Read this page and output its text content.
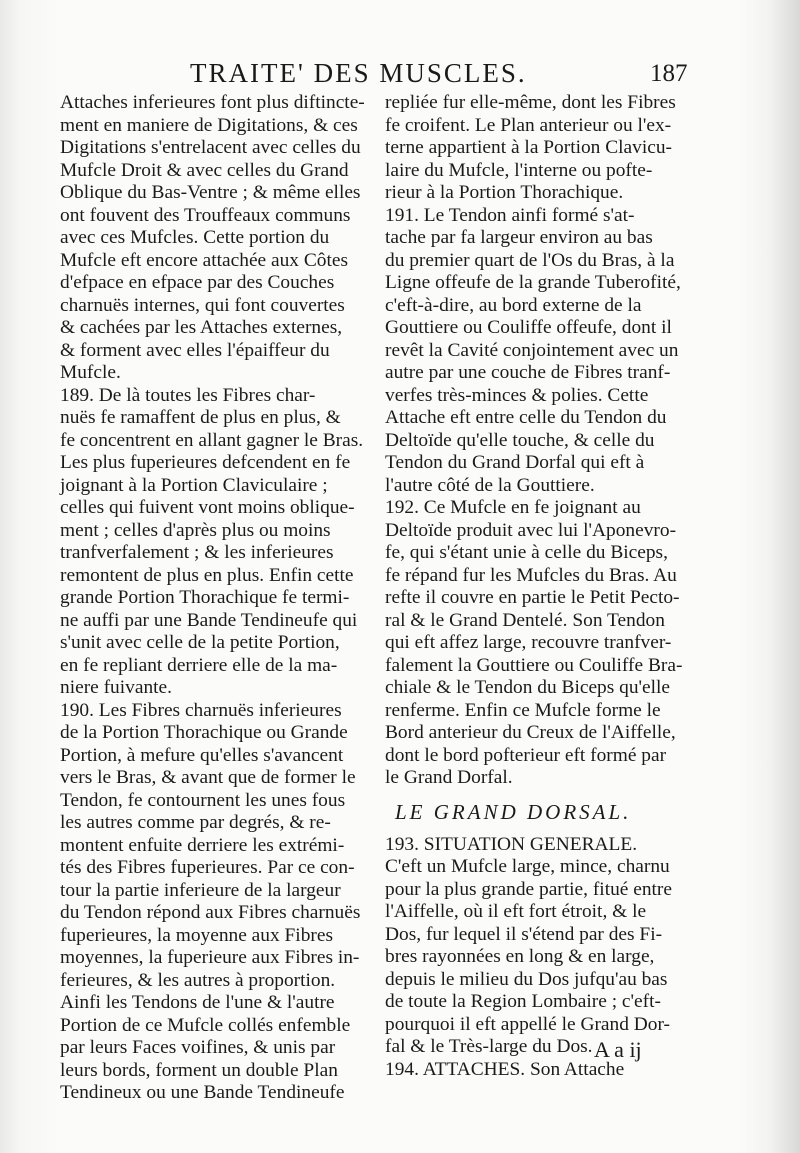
TRAITE' DES MUSCLES.	187
Attaches inferieures font plus diftincte-
ment en maniere de Digitations, & ces
Digitations s'entrelacent avec celles du
Mufcle Droit & avec celles du Grand
Oblique du Bas-Ventre ; & même elles
ont fouvent des Trouffeaux communs
avec ces Mufcles. Cette portion du
Mufcle eft encore attachée aux Côtes
d'efpace en efpace par des Couches
charnuës internes, qui font couvertes
& cachées par les Attaches externes,
& forment avec elles l'épaiffeur du
Mufcle.
189. De là toutes les Fibres char-
nuës fe ramaffent de plus en plus, &
fe concentrent en allant gagner le Bras.
Les plus fuperieures defcendent en fe
joignant à la Portion Claviculaire ;
celles qui fuivent vont moins oblique-
ment ; celles d'après plus ou moins
tranfverfalement ; & les inferieures
remontent de plus en plus. Enfin cette
grande Portion Thorachique fe termi-
ne auffi par une Bande Tendineufe qui
s'unit avec celle de la petite Portion,
en fe repliant derriere elle de la ma-
niere fuivante.
190. Les Fibres charnuës inferieures
de la Portion Thorachique ou Grande
Portion, à mefure qu'elles s'avancent
vers le Bras, & avant que de former le
Tendon, fe contournent les unes fous
les autres comme par degrés, & re-
montent enfuite derriere les extrémi-
tés des Fibres fuperieures. Par ce con-
tour la partie inferieure de la largeur
du Tendon répond aux Fibres charnuës
fuperieures, la moyenne aux Fibres
moyennes, la fuperieure aux Fibres in-
ferieures, & les autres à proportion.
Ainfi les Tendons de l'une & l'autre
Portion de ce Mufcle collés enfemble
par leurs Faces voifines, & unis par
leurs bords, forment un double Plan
Tendineux ou une Bande Tendineufe
repliée fur elle-même, dont les Fibres
fe croifent. Le Plan anterieur ou l'ex-
terne appartient à la Portion Clavicu-
laire du Mufcle, l'interne ou pofte-
rieur à la Portion Thorachique.
191. Le Tendon ainfi formé s'at-
tache par fa largeur environ au bas
du premier quart de l'Os du Bras, à la
Ligne offeufe de la grande Tuberofité,
c'eft-à-dire, au bord externe de la
Gouttiere ou Couliffe offeufe, dont il
revêt la Cavité conjointement avec un
autre par une couche de Fibres tranf-
verfes très-minces & polies. Cette
Attache eft entre celle du Tendon du
Deltoïde qu'elle touche, & celle du
Tendon du Grand Dorfal qui eft à
l'autre côté de la Gouttiere.
192. Ce Mufcle en fe joignant au
Deltoïde produit avec lui l'Aponevro-
fe, qui s'étant unie à celle du Biceps,
fe répand fur les Mufcles du Bras. Au
refte il couvre en partie le Petit Pecto-
ral & le Grand Dentelé. Son Tendon
qui eft affez large, recouvre tranfver-
falement la Gouttiere ou Couliffe Bra-
chiale & le Tendon du Biceps qu'elle
renferme. Enfin ce Mufcle forme le
Bord anterieur du Creux de l'Aiffelle,
dont le bord pofterieur eft formé par
le Grand Dorfal.
LE GRAND DORSAL.
193. SITUATION GENERALE.
C'eft un Mufcle large, mince, charnu
pour la plus grande partie, fitué entre
l'Aiffelle, où il eft fort étroit, & le
Dos, fur lequel il s'étend par des Fi-
bres rayonnées en long & en large,
depuis le milieu du Dos jufqu'au bas
de toute la Region Lombaire ; c'eft-
pourquoi il eft appellé le Grand Dor-
fal & le Très-large du Dos.
194. ATTACHES. Son Attache
A a ij
